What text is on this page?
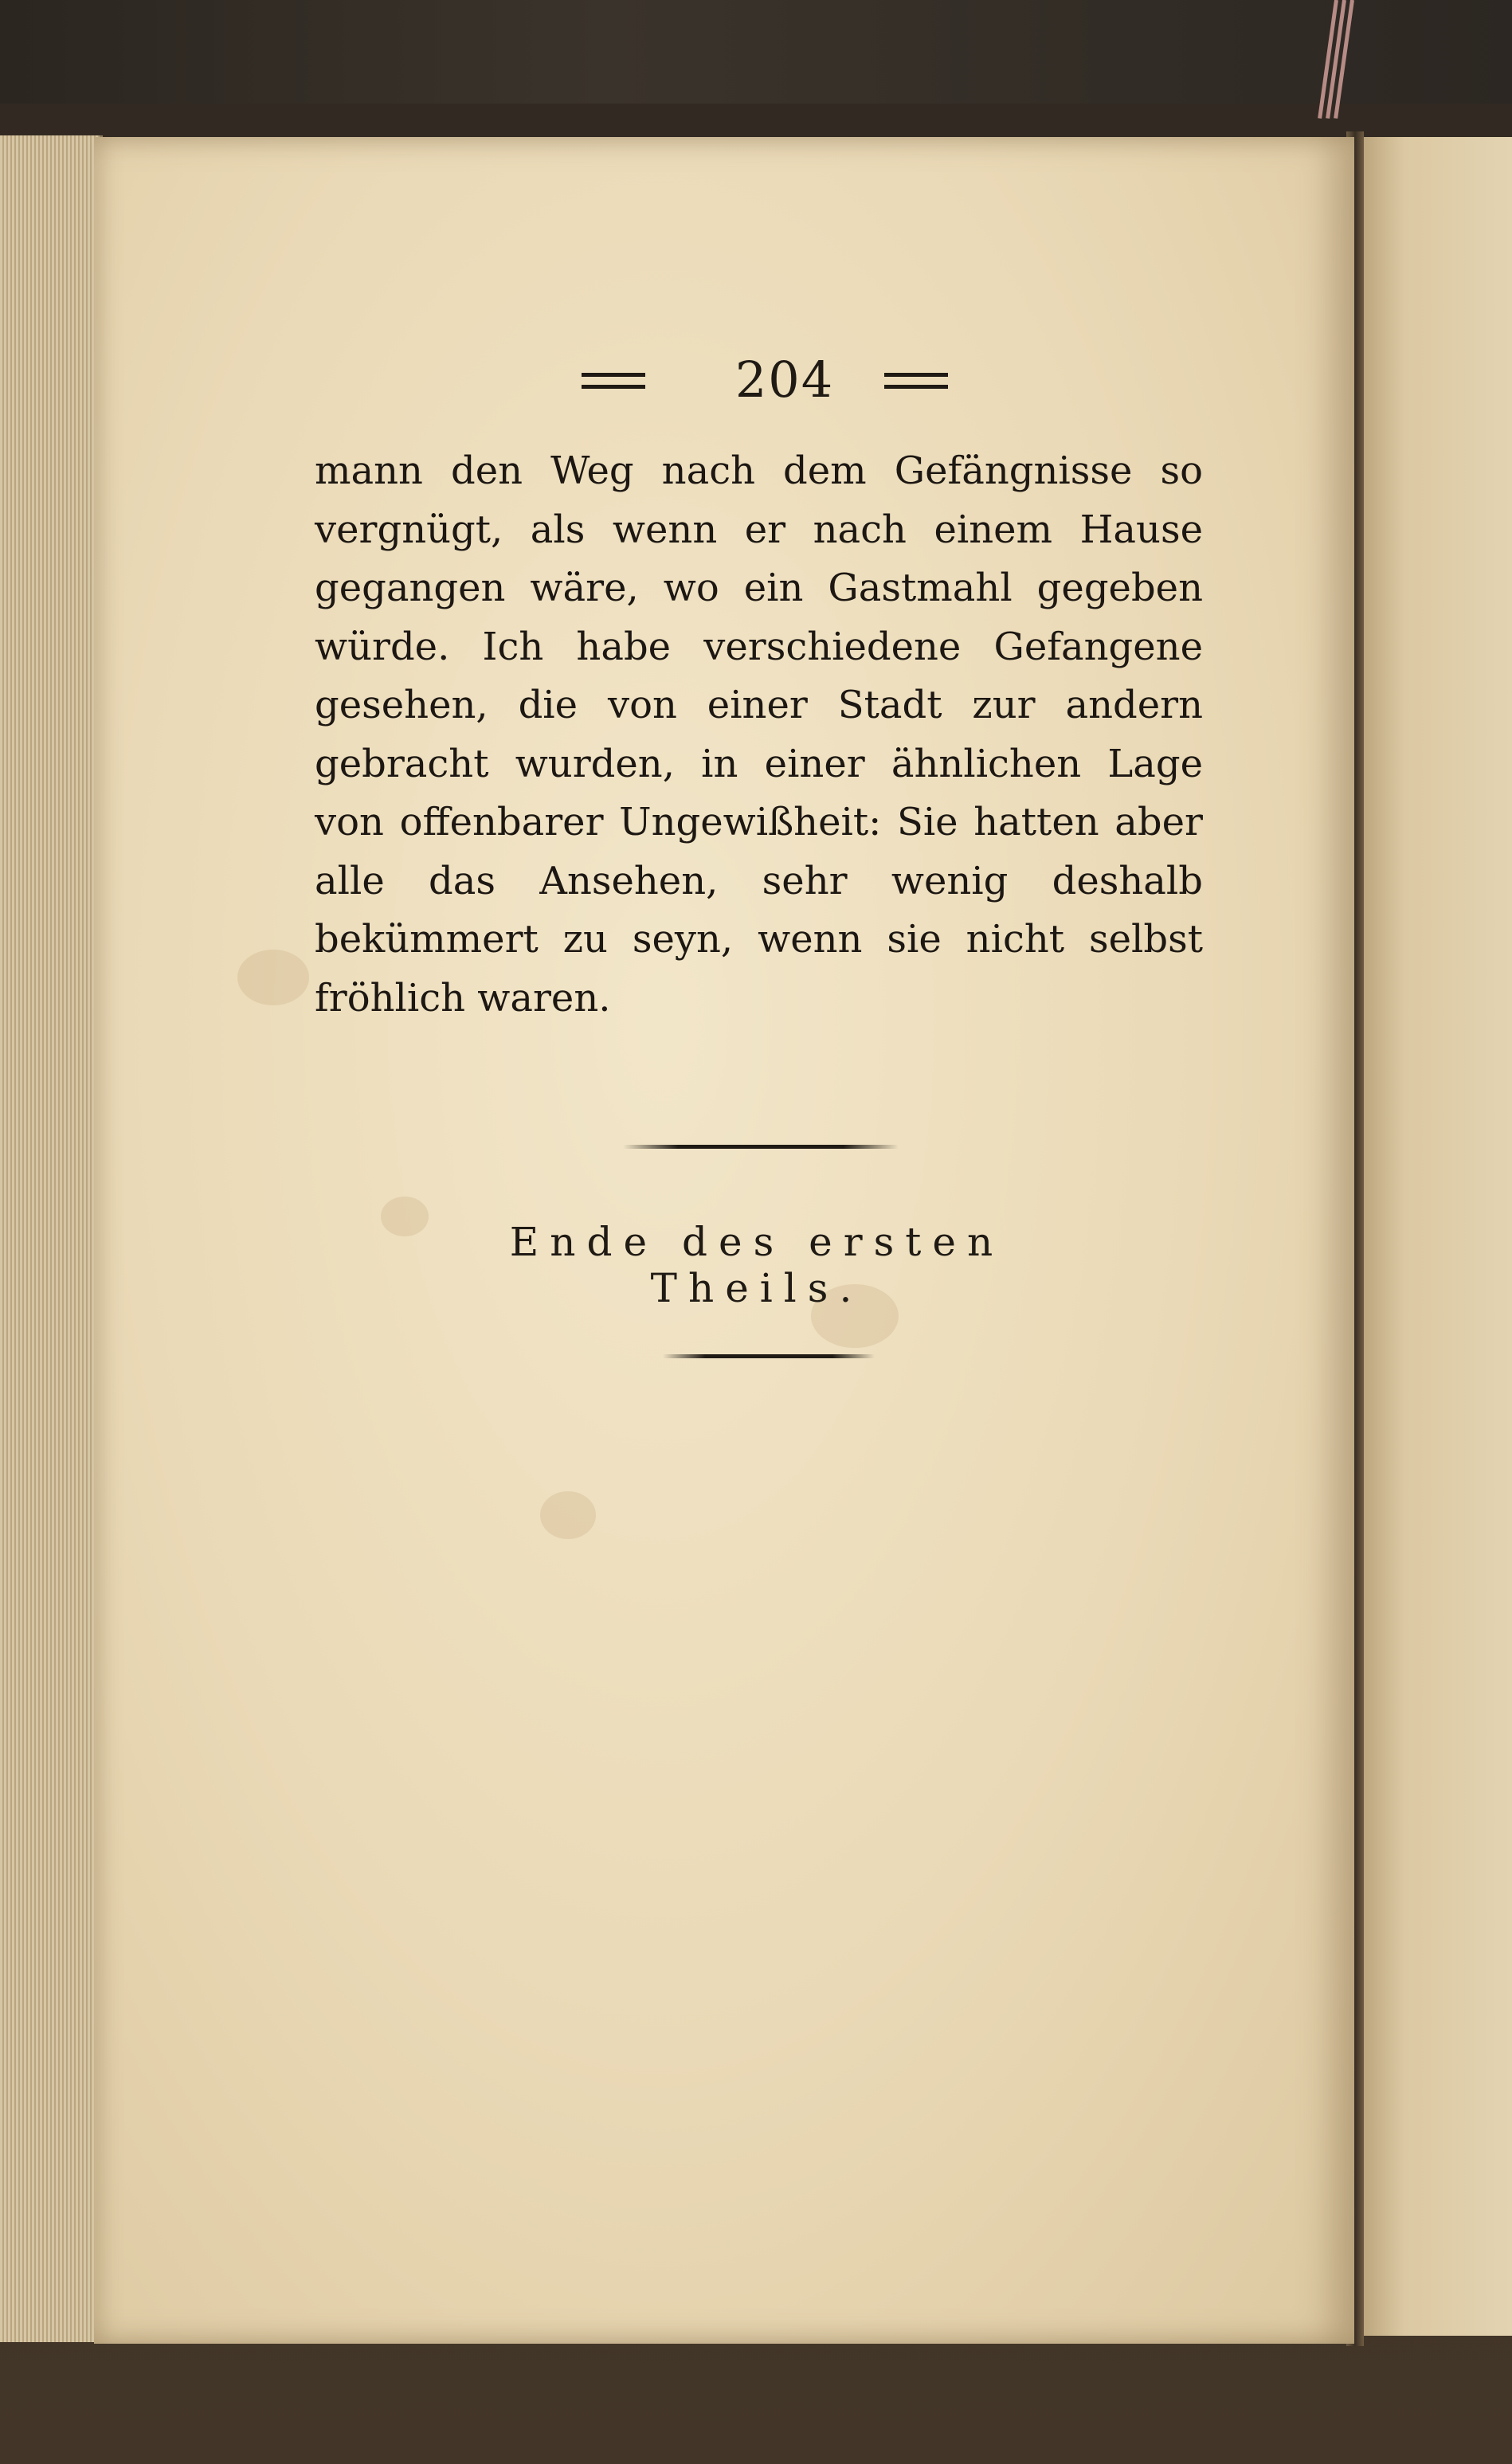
204

mann den Weg nach dem Gefängnisse so vergnügt, als wenn er nach einem Hause gegangen wäre, wo ein Gastmahl gegeben würde. Ich habe verschiedene Gefangene gesehen, die von einer Stadt zur andern gebracht wurden, in einer ähnlichen Lage von offenbarer Ungewißheit: Sie hatten aber alle das Ansehen, sehr wenig deshalb bekümmert zu seyn, wenn sie nicht selbst fröhlich waren.

Ende des ersten Theils.
